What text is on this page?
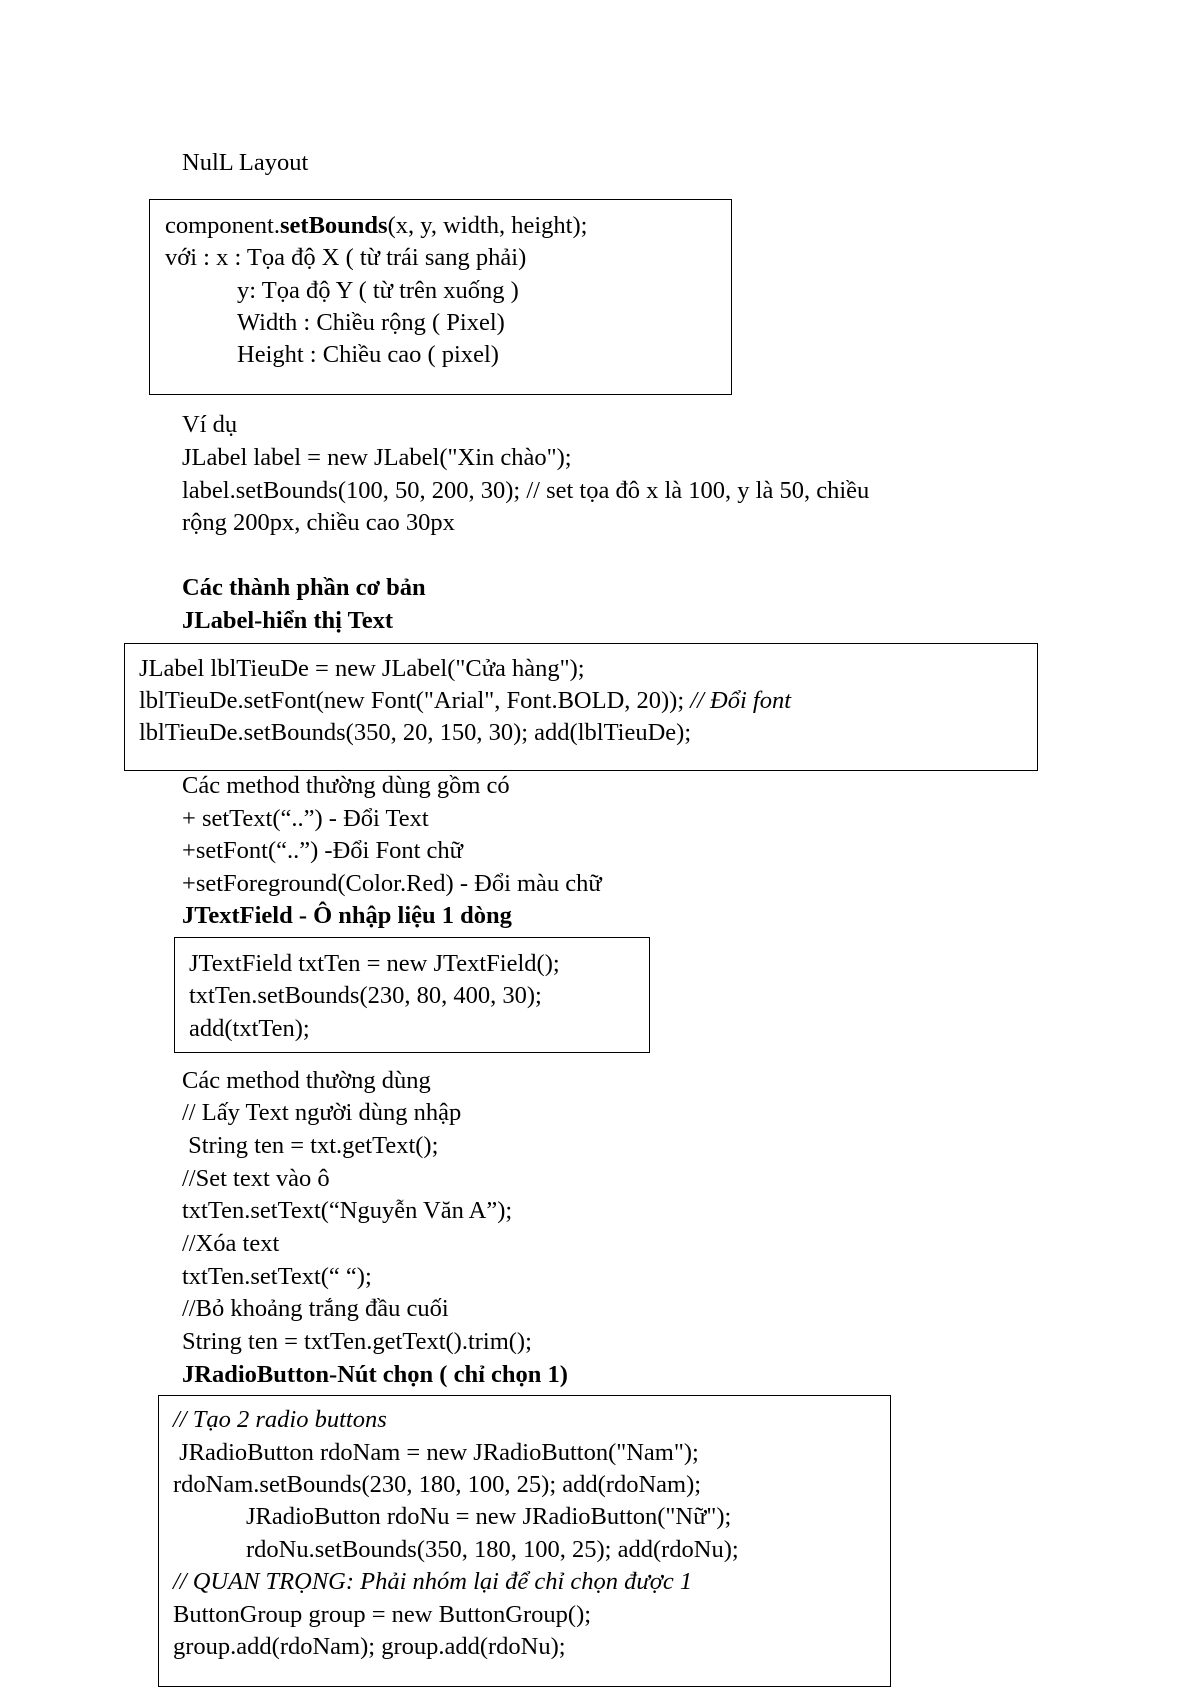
NulL Layout
component.setBounds(x, y, width, height);
với : x : Tọa độ X ( từ trái sang phải)
y: Tọa độ Y ( từ trên xuống )
Width : Chiều rộng ( Pixel)
Height : Chiều cao ( pixel)
Ví dụ
JLabel label = new JLabel("Xin chào");
label.setBounds(100, 50, 200, 30); // set tọa đô x là 100, y là 50, chiều
rộng 200px, chiều cao 30px
Các thành phần cơ bản
JLabel-hiển thị Text
JLabel lblTieuDe = new JLabel("Cửa hàng");
lblTieuDe.setFont(new Font("Arial", Font.BOLD, 20)); // Đổi font
lblTieuDe.setBounds(350, 20, 150, 30); add(lblTieuDe);
Các method thường dùng gồm có
+ setText(“..”) - Đổi Text
+setFont(“..”) -Đổi Font chữ
+setForeground(Color.Red) - Đổi màu chữ
JTextField - Ô nhập liệu 1 dòng
JTextField txtTen = new JTextField();
txtTen.setBounds(230, 80, 400, 30);
add(txtTen);
Các method thường dùng
// Lấy Text người dùng nhập
String ten = txt.getText();
//Set text vào ô
txtTen.setText(“Nguyễn Văn A”);
//Xóa text
txtTen.setText(“ “);
//Bỏ khoảng trắng đầu cuối
String ten = txtTen.getText().trim();
JRadioButton-Nút chọn ( chỉ chọn 1)
// Tạo 2 radio buttons
JRadioButton rdoNam = new JRadioButton("Nam");
rdoNam.setBounds(230, 180, 100, 25); add(rdoNam);
JRadioButton rdoNu = new JRadioButton("Nữ");
rdoNu.setBounds(350, 180, 100, 25); add(rdoNu);
// QUAN TRỌNG: Phải nhóm lại để chỉ chọn được 1
ButtonGroup group = new ButtonGroup();
group.add(rdoNam); group.add(rdoNu);
